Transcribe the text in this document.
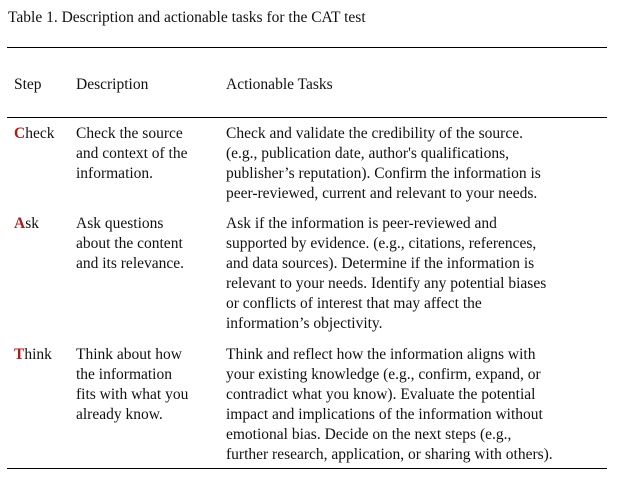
Table 1. Description and actionable tasks for the CAT test
Step Description	Actionable Tasks
Check Check the source
and context of the
information.
Check and validate the credibility of the source.
(e.g., publication date, author's qualifications,
publisher’s reputation). Confirm the information is
peer-reviewed, current and relevant to your needs.
Ask Ask questions
about the content
and its relevance.
Ask if the information is peer-reviewed and
supported by evidence. (e.g., citations, references,
and data sources). Determine if the information is
relevant to your needs. Identify any potential biases
or conflicts of interest that may affect the
information’s objectivity.
Think Think about how
the information
fits with what you
already know.
Think and reflect how the information aligns with
your existing knowledge (e.g., confirm, expand, or
contradict what you know). Evaluate the potential
impact and implications of the information without
emotional bias. Decide on the next steps (e.g.,
further research, application, or sharing with others).
